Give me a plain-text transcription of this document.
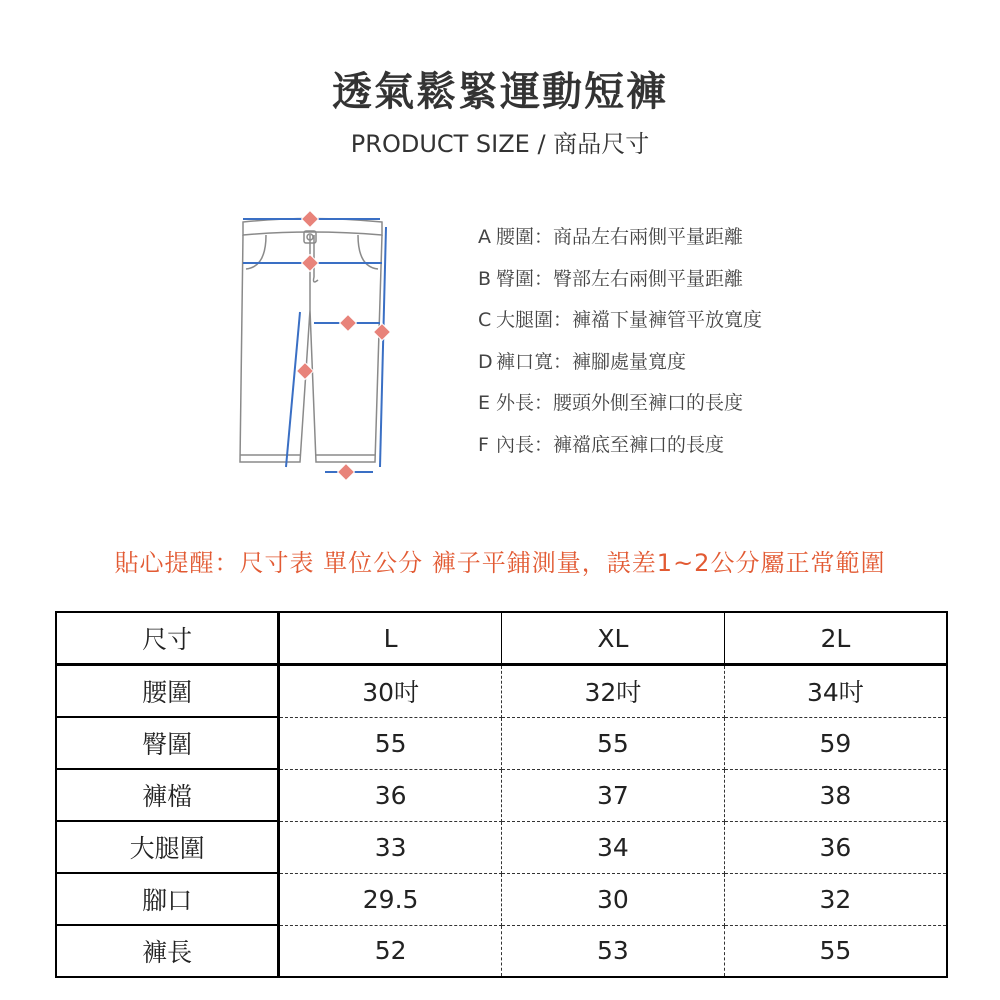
透氣鬆緊運動短褲
PRODUCT SIZE / 商品尺寸
A 腰圍：商品左右兩側平量距離
B 臀圍：臀部左右兩側平量距離
C 大腿圍：褲襠下量褲管平放寬度
D 褲口寬：褲腳處量寬度
E 外長：腰頭外側至褲口的長度
F 內長：褲襠底至褲口的長度
貼心提醒：尺寸表 單位公分 褲子平鋪測量，誤差1~2公分屬正常範圍
尺寸	L	XL	2L
腰圍	30吋	32吋	34吋
臀圍	55	55	59
褲檔	36	37	38
大腿圍	33	34	36
腳口	29.5	30	32
褲長	52	53	55
